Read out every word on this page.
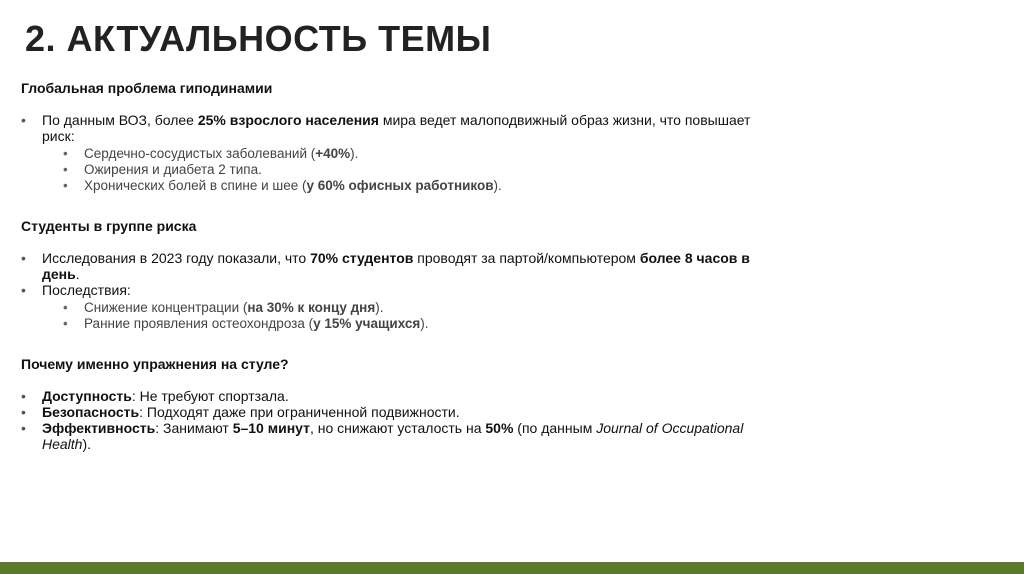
2. АКТУАЛЬНОСТЬ ТЕМЫ
Глобальная проблема гиподинамии
• По данным ВОЗ, более 25% взрослого населения мира ведет малоподвижный образ жизни, что повышает риск:
• Сердечно-сосудистых заболеваний (+40%).
• Ожирения и диабета 2 типа.
• Хронических болей в спине и шее (у 60% офисных работников).
Студенты в группе риска
• Исследования в 2023 году показали, что 70% студентов проводят за партой/компьютером более 8 часов в день.
• Последствия:
• Снижение концентрации (на 30% к концу дня).
• Ранние проявления остеохондроза (у 15% учащихся).
Почему именно упражнения на стуле?
• Доступность: Не требуют спортзала.
• Безопасность: Подходят даже при ограниченной подвижности.
• Эффективность: Занимают 5–10 минут, но снижают усталость на 50% (по данным Journal of Occupational Health).
